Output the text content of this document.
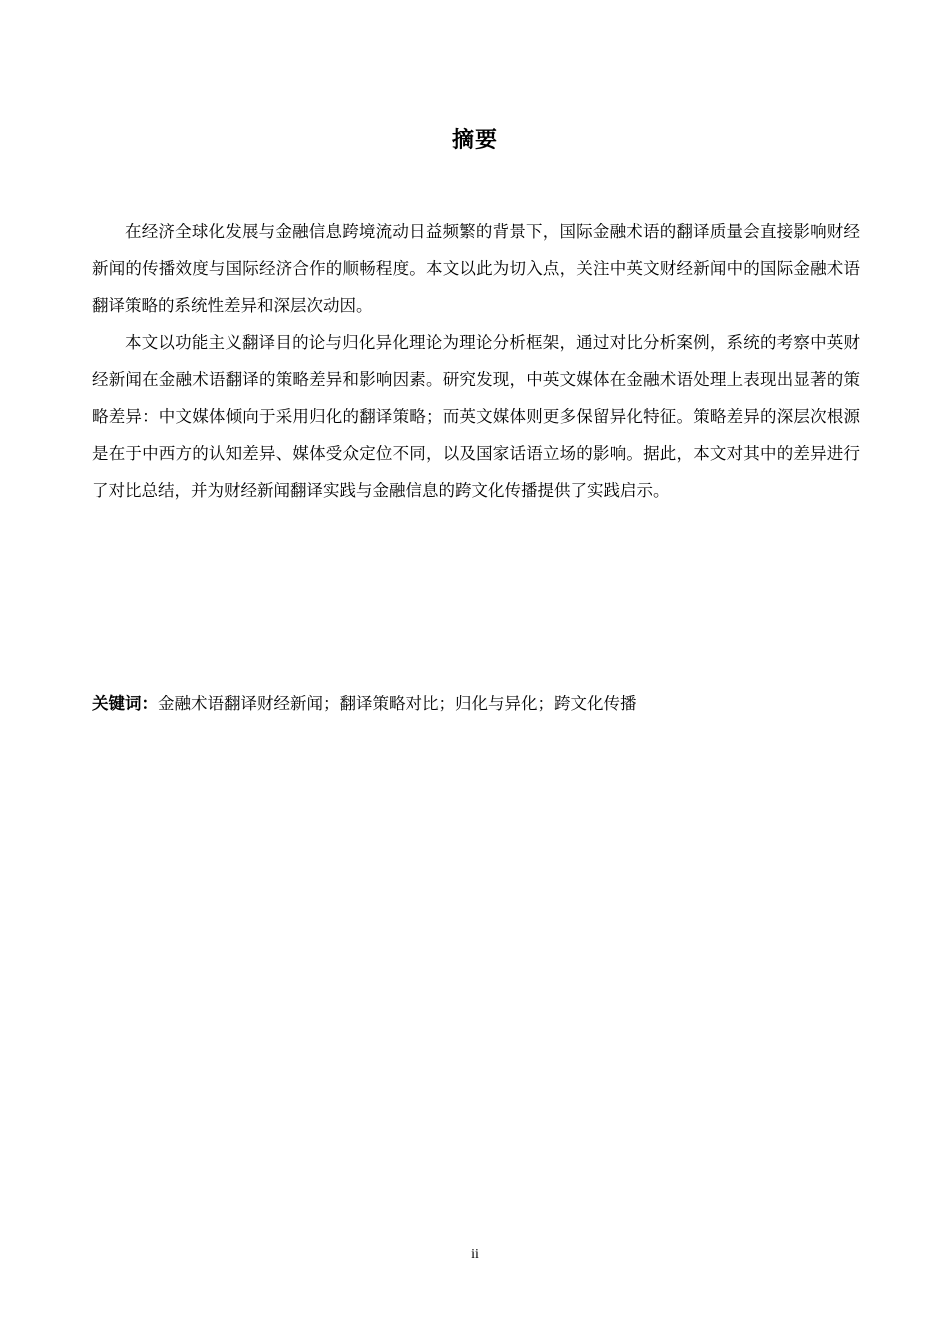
摘要

在经济全球化发展与金融信息跨境流动日益频繁的背景下，国际金融术语的翻译质量会直接影响财经新闻的传播效度与国际经济合作的顺畅程度。本文以此为切入点，关注中英文财经新闻中的国际金融术语翻译策略的系统性差异和深层次动因。

本文以功能主义翻译目的论与归化异化理论为理论分析框架，通过对比分析案例，系统的考察中英财经新闻在金融术语翻译的策略差异和影响因素。研究发现，中英文媒体在金融术语处理上表现出显著的策略差异：中文媒体倾向于采用归化的翻译策略；而英文媒体则更多保留异化特征。策略差异的深层次根源是在于中西方的认知差异、媒体受众定位不同，以及国家话语立场的影响。据此，本文对其中的差异进行了对比总结，并为财经新闻翻译实践与金融信息的跨文化传播提供了实践启示。

关键词：金融术语翻译财经新闻；翻译策略对比；归化与异化；跨文化传播
ii
